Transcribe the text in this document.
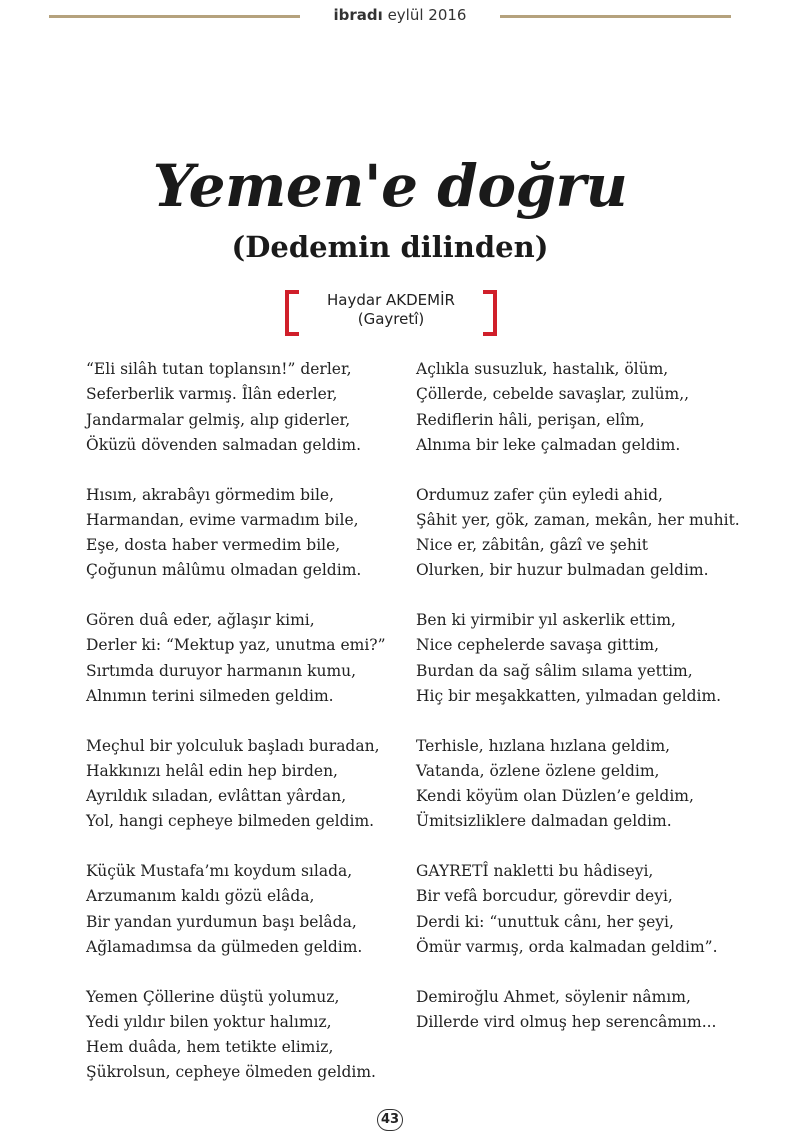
ibradı eylül 2016
Yemen'e doğru
(Dedemin dilinden)
Haydar AKDEMİR
(Gayretî)
“Eli silâh tutan toplansın!” derler,
Seferberlik varmış. Îlân ederler,
Jandarmalar gelmiş, alıp giderler,
Öküzü dövenden salmadan geldim.
Hısım, akrabâyı görmedim bile,
Harmandan, evime varmadım bile,
Eşe, dosta haber vermedim bile,
Çoğunun mâlûmu olmadan geldim.
Gören duâ eder, ağlaşır kimi,
Derler ki: “Mektup yaz, unutma emi?”
Sırtımda duruyor harmanın kumu,
Alnımın terini silmeden geldim.
Meçhul bir yolculuk başladı buradan,
Hakkınızı helâl edin hep birden,
Ayrıldık sıladan, evlâttan yârdan,
Yol, hangi cepheye bilmeden geldim.
Küçük Mustafa’mı koydum sılada,
Arzumanım kaldı gözü elâda,
Bir yandan yurdumun başı belâda,
Ağlamadımsa da gülmeden geldim.
Yemen Çöllerine düştü yolumuz,
Yedi yıldır bilen yoktur halımız,
Hem duâda, hem tetikte elimiz,
Şükrolsun, cepheye ölmeden geldim.
Açlıkla susuzluk, hastalık, ölüm,
Çöllerde, cebelde savaşlar, zulüm,,
Rediflerin hâli, perişan, elîm,
Alnıma bir leke çalmadan geldim.
Ordumuz zafer çün eyledi ahid,
Şâhit yer, gök, zaman, mekân, her muhit.
Nice er, zâbitân, gâzî ve şehit
Olurken, bir huzur bulmadan geldim.
Ben ki yirmibir yıl askerlik ettim,
Nice cephelerde savaşa gittim,
Burdan da sağ sâlim sılama yettim,
Hiç bir meşakkatten, yılmadan geldim.
Terhisle, hızlana hızlana geldim,
Vatanda, özlene özlene geldim,
Kendi köyüm olan Düzlen’e geldim,
Ümitsizliklere dalmadan geldim.
GAYRETÎ nakletti bu hâdiseyi,
Bir vefâ borcudur, görevdir deyi,
Derdi ki: “unuttuk cânı, her şeyi,
Ömür varmış, orda kalmadan geldim”.
Demiroğlu Ahmet, söylenir nâmım,
Dillerde vird olmuş hep serencâmım...
43
